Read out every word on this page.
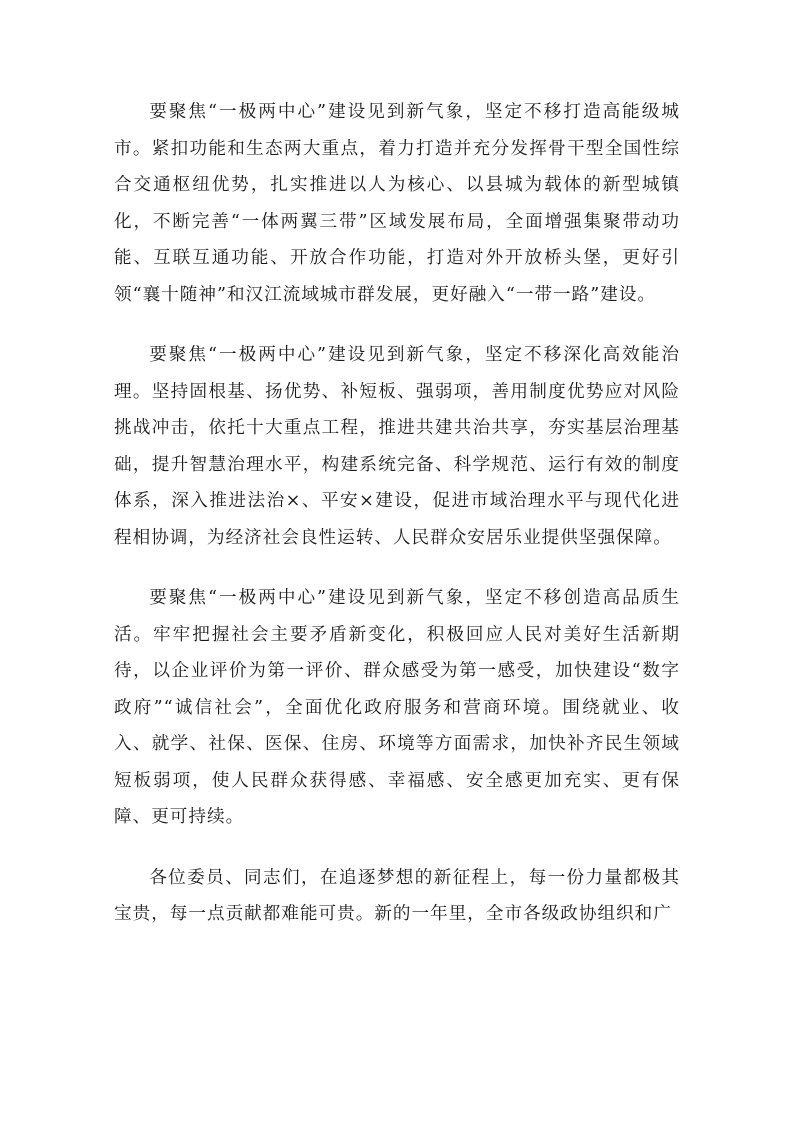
要聚焦“一极两中心”建设见到新气象，坚定不移打造高能级城市。紧扣功能和生态两大重点，着力打造并充分发挥骨干型全国性综合交通枢纽优势，扎实推进以人为核心、以县城为载体的新型城镇化，不断完善“一体两翼三带”区域发展布局，全面增强集聚带动功能、互联互通功能、开放合作功能，打造对外开放桥头堡，更好引领“襄十随神”和汉江流域城市群发展，更好融入“一带一路”建设。

要聚焦“一极两中心”建设见到新气象，坚定不移深化高效能治理。坚持固根基、扬优势、补短板、强弱项，善用制度优势应对风险挑战冲击，依托十大重点工程，推进共建共治共享，夯实基层治理基础，提升智慧治理水平，构建系统完备、科学规范、运行有效的制度体系，深入推进法治×、平安×建设，促进市域治理水平与现代化进程相协调，为经济社会良性运转、人民群众安居乐业提供坚强保障。

要聚焦“一极两中心”建设见到新气象，坚定不移创造高品质生活。牢牢把握社会主要矛盾新变化，积极回应人民对美好生活新期待，以企业评价为第一评价、群众感受为第一感受，加快建设“数字政府”“诚信社会”，全面优化政府服务和营商环境。围绕就业、收入、就学、社保、医保、住房、环境等方面需求，加快补齐民生领域短板弱项，使人民群众获得感、幸福感、安全感更加充实、更有保障、更可持续。

各位委员、同志们，在追逐梦想的新征程上，每一份力量都极其宝贵，每一点贡献都难能可贵。新的一年里，全市各级政协组织和广
